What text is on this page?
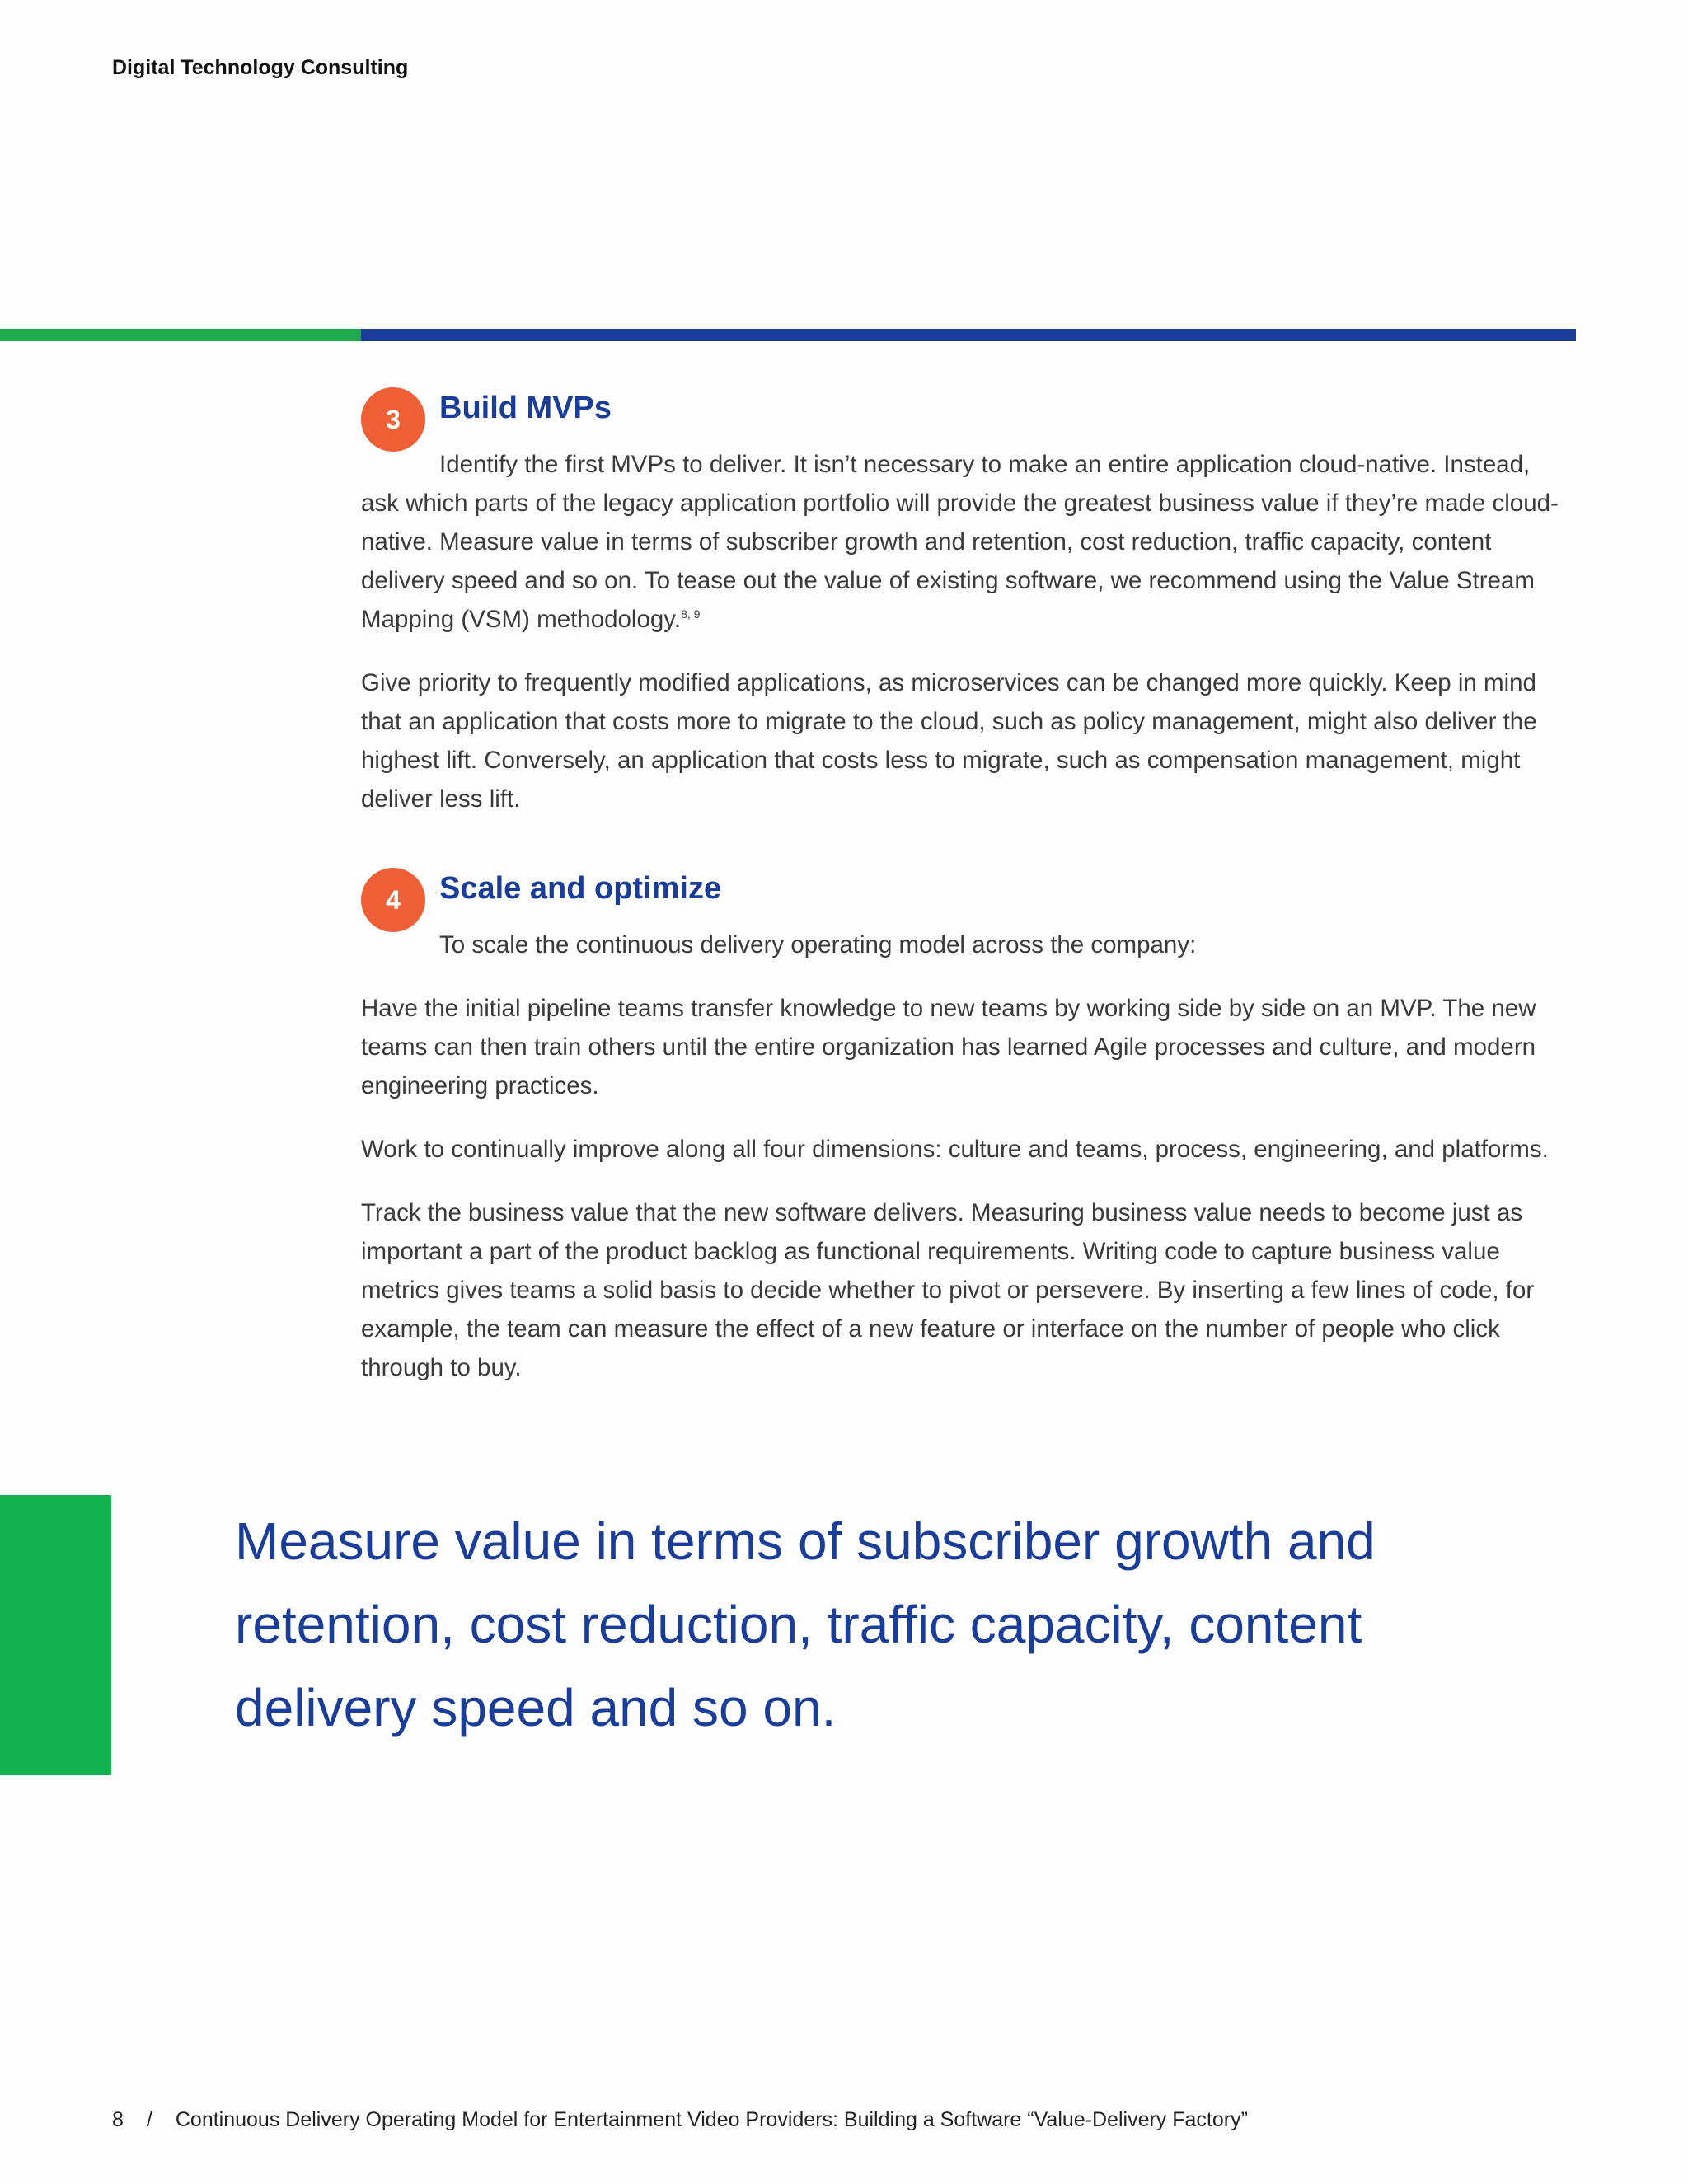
Digital Technology Consulting
3	Build MVPs

Identify the first MVPs to deliver. It isn’t necessary to make an entire application cloud-native. Instead, ask which parts of the legacy application portfolio will provide the greatest business value if they’re made cloud-native. Measure value in terms of subscriber growth and retention, cost reduction, traffic capacity, content delivery speed and so on. To tease out the value of existing software, we recommend using the Value Stream Mapping (VSM) methodology.$^{8, 9}$

Give priority to frequently modified applications, as microservices can be changed more quickly. Keep in mind that an application that costs more to migrate to the cloud, such as policy management, might also deliver the highest lift. Conversely, an application that costs less to migrate, such as compensation management, might deliver less lift.

4	Scale and optimize

To scale the continuous delivery operating model across the company:

Have the initial pipeline teams transfer knowledge to new teams by working side by side on an MVP. The new teams can then train others until the entire organization has learned Agile processes and culture, and modern engineering practices.

Work to continually improve along all four dimensions: culture and teams, process, engineering, and platforms.

Track the business value that the new software delivers. Measuring business value needs to become just as important a part of the product backlog as functional requirements. Writing code to capture business value metrics gives teams a solid basis to decide whether to pivot or persevere. By inserting a few lines of code, for example, the team can measure the effect of a new feature or interface on the number of people who click through to buy.

Measure value in terms of subscriber growth and retention, cost reduction, traffic capacity, content delivery speed and so on.
8 / Continuous Delivery Operating Model for Entertainment Video Providers: Building a Software “Value-Delivery Factory”
